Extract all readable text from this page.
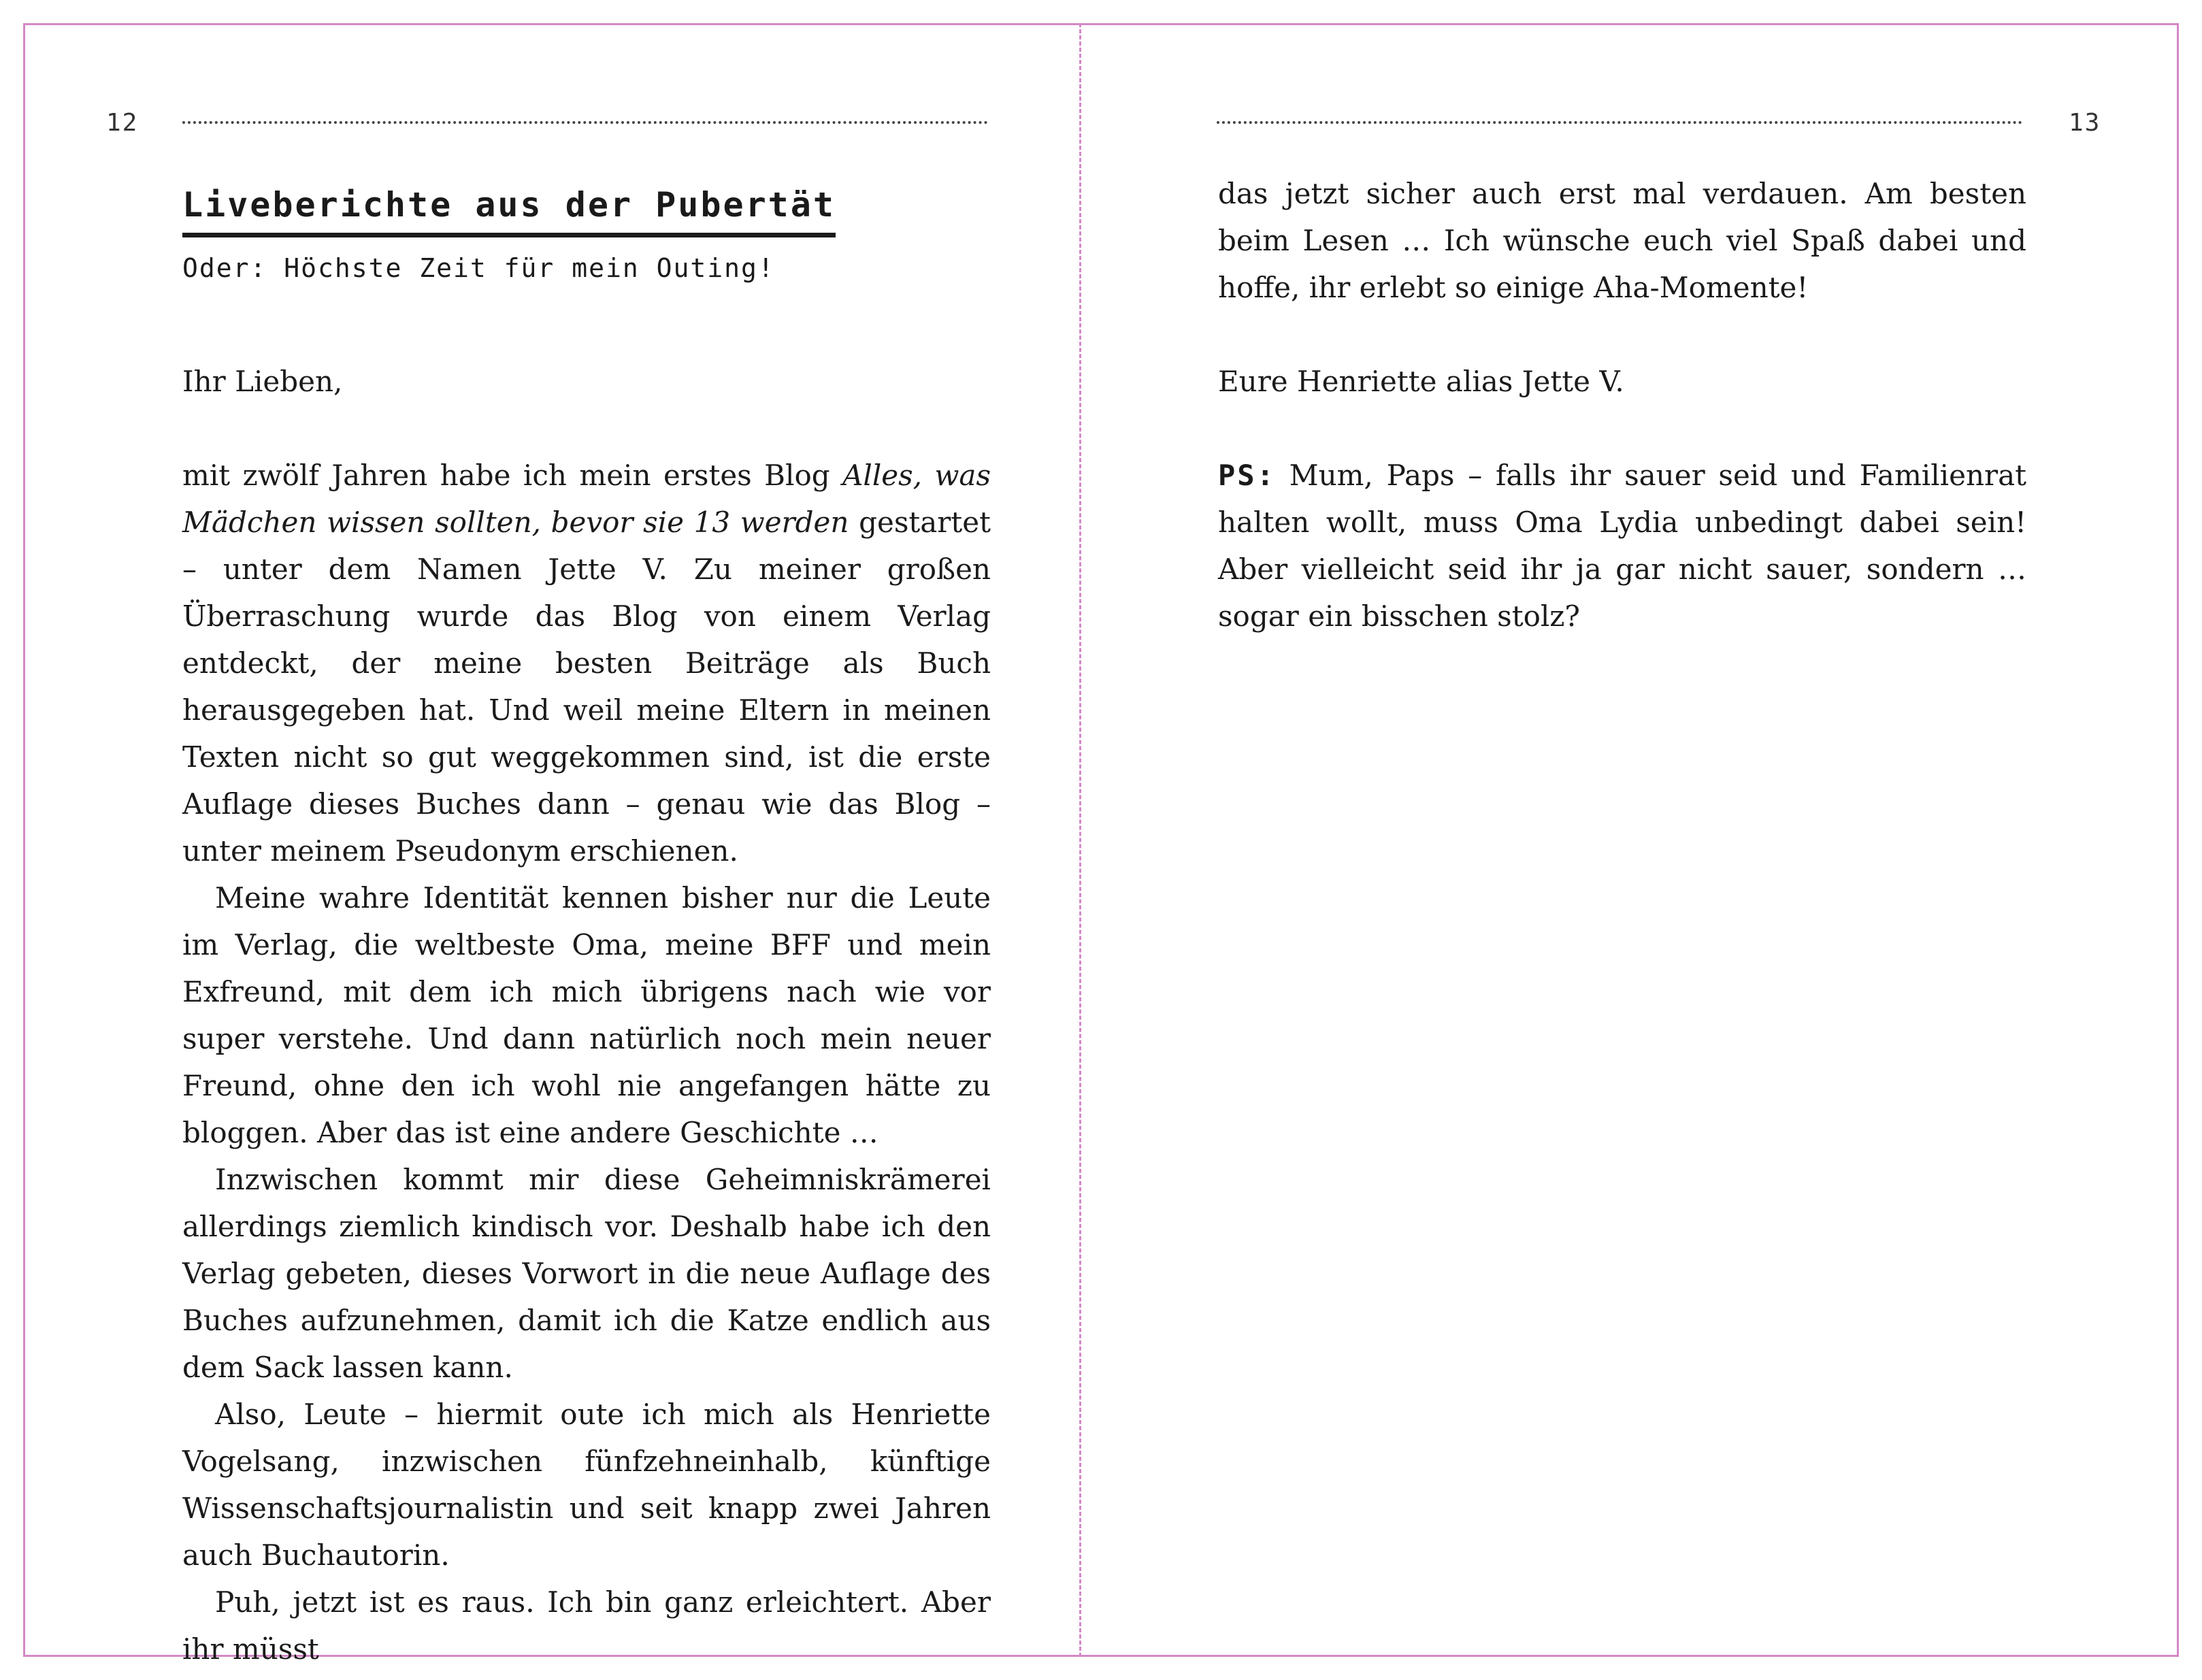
12
Liveberichte aus der Pubertät
Oder: Höchste Zeit für mein Outing!

Ihr Lieben,

mit zwölf Jahren habe ich mein erstes Blog Alles, was Mädchen wissen sollten, bevor sie 13 werden gestartet – unter dem Namen Jette V. Zu meiner großen Überraschung wurde das Blog von einem Verlag entdeckt, der meine besten Beiträge als Buch herausgegeben hat. Und weil meine Eltern in meinen Texten nicht so gut weggekommen sind, ist die erste Auflage dieses Buches dann – genau wie das Blog – unter meinem Pseudonym erschienen.

Meine wahre Identität kennen bisher nur die Leute im Verlag, die weltbeste Oma, meine BFF und mein Exfreund, mit dem ich mich übrigens nach wie vor super verstehe. Und dann natürlich noch mein neuer Freund, ohne den ich wohl nie angefangen hätte zu bloggen. Aber das ist eine andere Geschichte …

Inzwischen kommt mir diese Geheimniskrämerei allerdings ziemlich kindisch vor. Deshalb habe ich den Verlag gebeten, dieses Vorwort in die neue Auflage des Buches aufzunehmen, damit ich die Katze endlich aus dem Sack lassen kann.

Also, Leute – hiermit oute ich mich als Henriette Vogelsang, inzwischen fünfzehneinhalb, künftige Wissenschaftsjournalistin und seit knapp zwei Jahren auch Buchautorin.

Puh, jetzt ist es raus. Ich bin ganz erleichtert. Aber ihr müsst

13

das jetzt sicher auch erst mal verdauen. Am besten beim Lesen … Ich wünsche euch viel Spaß dabei und hoffe, ihr erlebt so einige Aha-Momente!

Eure Henriette alias Jette V.

PS: Mum, Paps – falls ihr sauer seid und Familienrat halten wollt, muss Oma Lydia unbedingt dabei sein! Aber vielleicht seid ihr ja gar nicht sauer, sondern … sogar ein bisschen stolz?
